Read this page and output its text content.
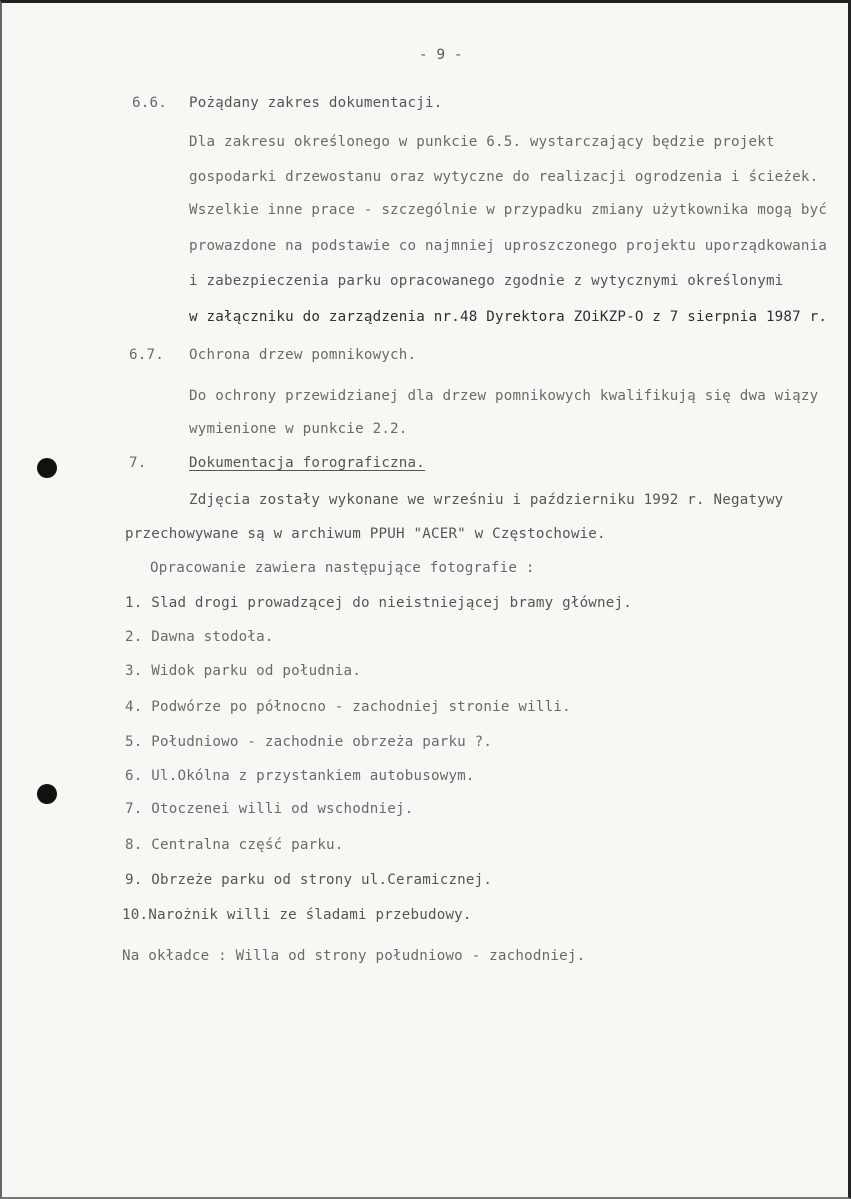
- 9 -
6.6. Pożądany zakres dokumentacji.
Dla zakresu określonego w punkcie 6.5. wystarczający będzie projekt
gospodarki drzewostanu oraz wytyczne do realizacji ogrodzenia i ścieżek.
Wszelkie inne prace - szczególnie w przypadku zmiany użytkownika mogą być
prowazdone na podstawie co najmniej uproszczonego projektu uporządkowania
i zabezpieczenia parku opracowanego zgodnie z wytycznymi określonymi
w załączniku do zarządzenia nr.48 Dyrektora ZOiKZP-O z 7 sierpnia 1987 r.
6.7. Ochrona drzew pomnikowych.
Do ochrony przewidzianej dla drzew pomnikowych kwalifikują się dwa wiązy
wymienione w punkcie 2.2.
7.	Dokumentacja forograficzna.
Zdjęcia zostały wykonane we wrześniu i październiku 1992 r. Negatywy
przechowywane są w archiwum PPUH "ACER" w Częstochowie.
Opracowanie zawiera następujące fotografie :
1. Slad drogi prowadzącej do nieistniejącej bramy głównej.
2. Dawna stodoła.
3. Widok parku od południa.
4. Podwórze po północno - zachodniej stronie willi.
5. Południowo - zachodnie obrzeża parku ?.
6. Ul.Okólna z przystankiem autobusowym.
7. Otoczenei willi od wschodniej.
8. Centralna część parku.
9. Obrzeże parku od strony ul.Ceramicznej.
10.Narożnik willi ze śladami przebudowy.
Na okładce : Willa od strony południowo - zachodniej.
